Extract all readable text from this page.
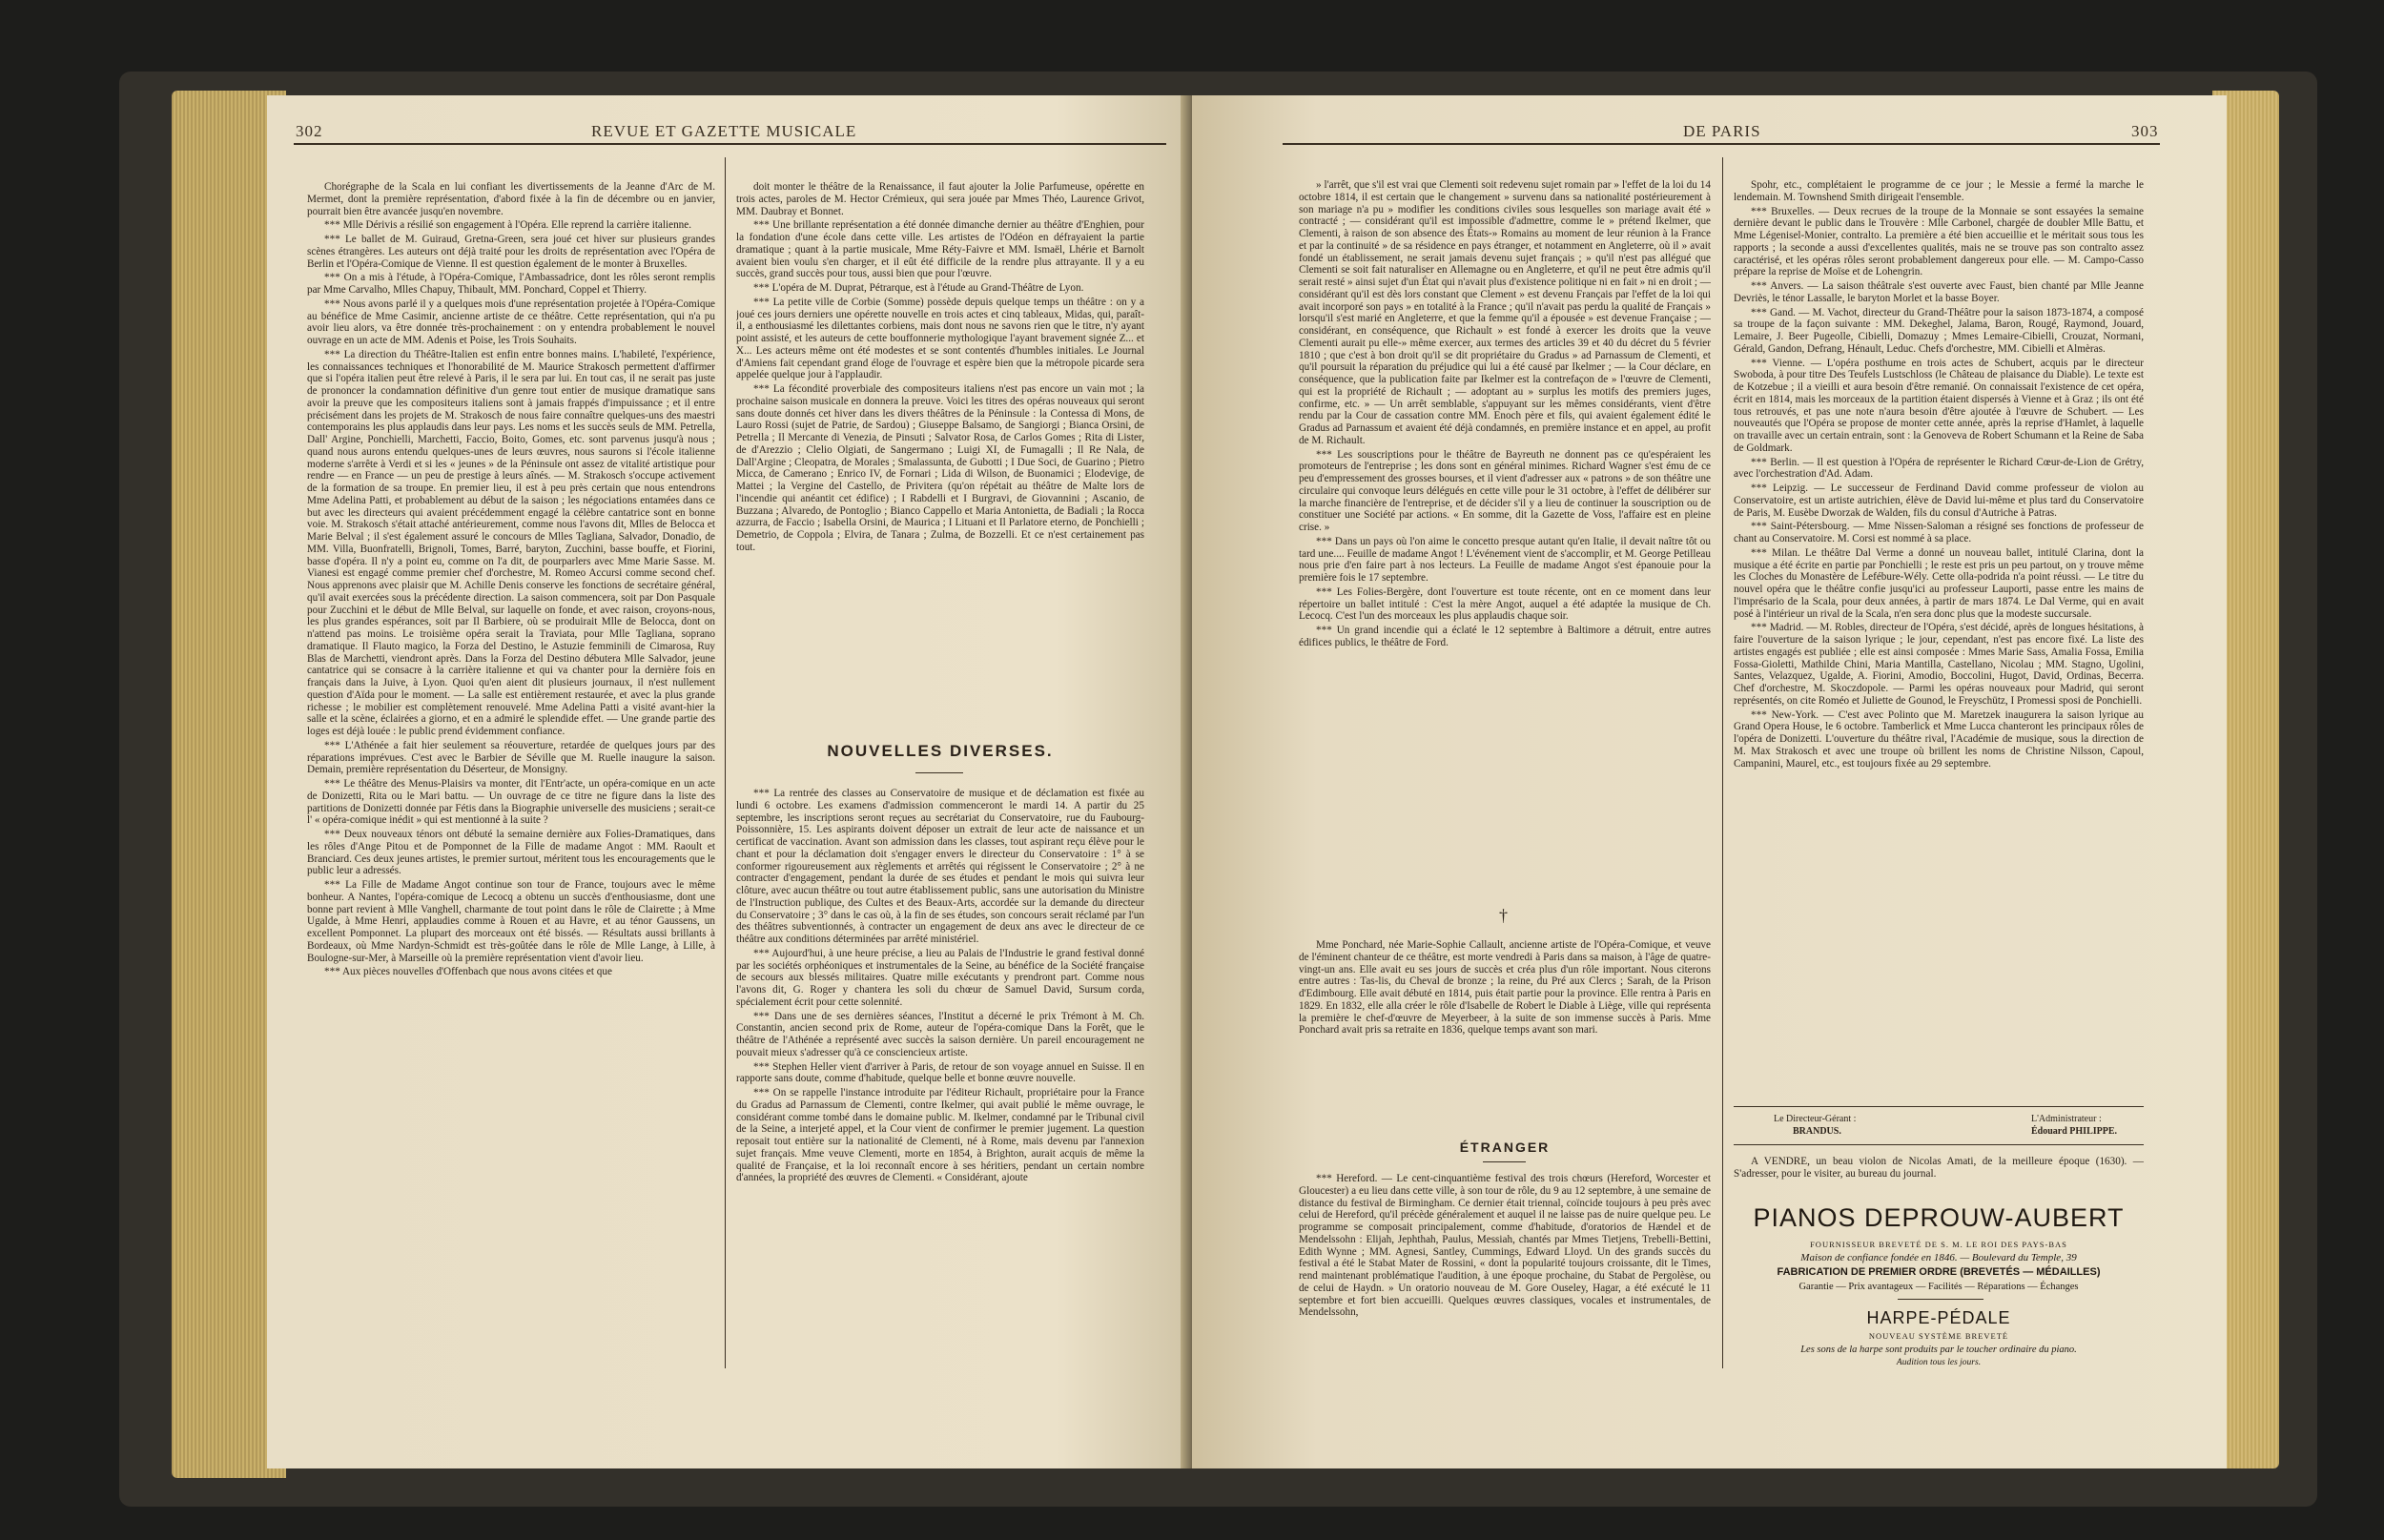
302	REVUE ET GAZETTE MUSICALE

Chorégraphe de la Scala en lui confiant les divertissements de la Jeanne d'Arc de M. Mermet, dont la première représentation, d'abord fixée à la fin de décembre ou en janvier, pourrait bien être avancée jusqu'en novembre.

*** Mlle Dérivis a résilié son engagement à l'Opéra. Elle reprend la carrière italienne.

*** Le ballet de M. Guiraud, Gretna-Green, sera joué cet hiver sur plusieurs grandes scènes étrangères. Les auteurs ont déjà traité pour les droits de représentation avec l'Opéra de Berlin et l'Opéra-Comique de Vienne. Il est question également de le monter à Bruxelles.

*** On a mis à l'étude, à l'Opéra-Comique, l'Ambassadrice, dont les rôles seront remplis par Mme Carvalho, Mlles Chapuy, Thibault, MM. Ponchard, Coppel et Thierry.

*** Nous avons parlé il y a quelques mois d'une représentation projetée à l'Opéra-Comique au bénéfice de Mme Casimir, ancienne artiste de ce théâtre. Cette représentation, qui n'a pu avoir lieu alors, va être donnée très-prochainement : on y entendra probablement le nouvel ouvrage en un acte de MM. Adenis et Poise, les Trois Souhaits.

*** La direction du Théâtre-Italien est enfin entre bonnes mains. L'habileté, l'expérience, les connaissances techniques et l'honorabilité de M. Maurice Strakosch permettent d'affirmer que si l'opéra italien peut être relevé à Paris, il le sera par lui. En tout cas, il ne serait pas juste de prononcer la condamnation définitive d'un genre tout entier de musique dramatique sans avoir la preuve que les compositeurs italiens sont à jamais frappés d'impuissance ; et il entre précisément dans les projets de M. Strakosch de nous faire connaître quelques-uns des maestri contemporains les plus applaudis dans leur pays. Les noms et les succès seuls de MM. Petrella, Dall' Argine, Ponchielli, Marchetti, Faccio, Boito, Gomes, etc. sont parvenus jusqu'à nous ; quand nous aurons entendu quelques-unes de leurs œuvres, nous saurons si l'école italienne moderne s'arrête à Verdi et si les « jeunes » de la Péninsule ont assez de vitalité artistique pour rendre — en France — un peu de prestige à leurs aînés. — M. Strakosch s'occupe activement de la formation de sa troupe. En premier lieu, il est à peu près certain que nous entendrons Mme Adelina Patti, et probablement au début de la saison ; les négociations entamées dans ce but avec les directeurs qui avaient précédemment engagé la célèbre cantatrice sont en bonne voie. M. Strakosch s'était attaché antérieurement, comme nous l'avons dit, Mlles de Belocca et Marie Belval ; il s'est également assuré le concours de Mlles Tagliana, Salvador, Donadio, de MM. Villa, Buonfratelli, Brignoli, Tomes, Barré, baryton, Zucchini, basse bouffe, et Fiorini, basse d'opéra. Il n'y a point eu, comme on l'a dit, de pourparlers avec Mme Marie Sasse. M. Vianesi est engagé comme premier chef d'orchestre, M. Romeo Accursi comme second chef. Nous apprenons avec plaisir que M. Achille Denis conserve les fonctions de secrétaire général, qu'il avait exercées sous la précédente direction. La saison commencera, soit par Don Pasquale pour Zucchini et le début de Mlle Belval, sur laquelle on fonde, et avec raison, croyons-nous, les plus grandes espérances, soit par Il Barbiere, où se produirait Mlle de Belocca, dont on n'attend pas moins. Le troisième opéra serait la Traviata, pour Mlle Tagliana, soprano dramatique. Il Flauto magico, la Forza del Destino, le Astuzie femminili de Cimarosa, Ruy Blas de Marchetti, viendront après. Dans la Forza del Destino débutera Mlle Salvador, jeune cantatrice qui se consacre à la carrière italienne et qui va chanter pour la dernière fois en français dans la Juive, à Lyon. Quoi qu'en aient dit plusieurs journaux, il n'est nullement question d'Aïda pour le moment. — La salle est entièrement restaurée, et avec la plus grande richesse ; le mobilier est complètement renouvelé. Mme Adelina Patti a visité avant-hier la salle et la scène, éclairées a giorno, et en a admiré le splendide effet. — Une grande partie des loges est déjà louée : le public prend évidemment confiance.

*** L'Athénée a fait hier seulement sa réouverture, retardée de quelques jours par des réparations imprévues. C'est avec le Barbier de Séville que M. Ruelle inaugure la saison. Demain, première représentation du Déserteur, de Monsigny.

*** Le théâtre des Menus-Plaisirs va monter, dit l'Entr'acte, un opéra-comique en un acte de Donizetti, Rita ou le Mari battu. — Un ouvrage de ce titre ne figure dans la liste des partitions de Donizetti donnée par Fétis dans la Biographie universelle des musiciens ; serait-ce l' « opéra-comique inédit » qui est mentionné à la suite ?

*** Deux nouveaux ténors ont débuté la semaine dernière aux Folies-Dramatiques, dans les rôles d'Ange Pitou et de Pomponnet de la Fille de madame Angot : MM. Raoult et Branciard. Ces deux jeunes artistes, le premier surtout, méritent tous les encouragements que le public leur a adressés.

*** La Fille de Madame Angot continue son tour de France, toujours avec le même bonheur. A Nantes, l'opéra-comique de Lecocq a obtenu un succès d'enthousiasme, dont une bonne part revient à Mlle Vanghell, charmante de tout point dans le rôle de Clairette ; à Mme Ugalde, à Mme Henri, applaudies comme à Rouen et au Havre, et au ténor Gaussens, un excellent Pomponnet. La plupart des morceaux ont été bissés. — Résultats aussi brillants à Bordeaux, où Mme Nardyn-Schmidt est très-goûtée dans le rôle de Mlle Lange, à Lille, à Boulogne-sur-Mer, à Marseille où la première représentation vient d'avoir lieu.

*** Aux pièces nouvelles d'Offenbach que nous avons citées et que

doit monter le théâtre de la Renaissance, il faut ajouter la Jolie Parfumeuse, opérette en trois actes, paroles de M. Hector Crémieux, qui sera jouée par Mmes Théo, Laurence Grivot, MM. Daubray et Bonnet.

*** Une brillante représentation a été donnée dimanche dernier au théâtre d'Enghien, pour la fondation d'une école dans cette ville. Les artistes de l'Odéon en défrayaient la partie dramatique ; quant à la partie musicale, Mme Réty-Faivre et MM. Ismaël, Lhérie et Barnolt avaient bien voulu s'en charger, et il eût été difficile de la rendre plus attrayante. Il y a eu succès, grand succès pour tous, aussi bien que pour l'œuvre.

*** L'opéra de M. Duprat, Pétrarque, est à l'étude au Grand-Théâtre de Lyon.

*** La petite ville de Corbie (Somme) possède depuis quelque temps un théâtre : on y a joué ces jours derniers une opérette nouvelle en trois actes et cinq tableaux, Midas, qui, paraît-il, a enthousiasmé les dilettantes corbiens, mais dont nous ne savons rien que le titre, n'y ayant point assisté, et les auteurs de cette bouffonnerie mythologique l'ayant bravement signée Z... et X... Les acteurs même ont été modestes et se sont contentés d'humbles initiales. Le Journal d'Amiens fait cependant grand éloge de l'ouvrage et espère bien que la métropole picarde sera appelée quelque jour à l'applaudir.

*** La fécondité proverbiale des compositeurs italiens n'est pas encore un vain mot ; la prochaine saison musicale en donnera la preuve. Voici les titres des opéras nouveaux qui seront sans doute donnés cet hiver dans les divers théâtres de la Péninsule : la Contessa di Mons, de Lauro Rossi (sujet de Patrie, de Sardou) ; Giuseppe Balsamo, de Sangiorgi ; Bianca Orsini, de Petrella ; Il Mercante di Venezia, de Pinsuti ; Salvator Rosa, de Carlos Gomes ; Rita di Lister, de d'Arezzio ; Clelio Olgiati, de Sangermano ; Luigi XI, de Fumagalli ; Il Re Nala, de Dall'Argine ; Cleopatra, de Morales ; Smalassunta, de Gubotti ; I Due Soci, de Guarino ; Pietro Micca, de Camerano ; Enrico IV, de Fornari ; Lida di Wilson, de Buonamici ; Elodevige, de Mattei ; la Vergine del Castello, de Privitera (qu'on répétait au théâtre de Malte lors de l'incendie qui anéantit cet édifice) ; I Rabdelli et I Burgravi, de Giovannini ; Ascanio, de Buzzana ; Alvaredo, de Pontoglio ; Bianco Cappello et Maria Antonietta, de Badiali ; la Rocca azzurra, de Faccio ; Isabella Orsini, de Maurica ; I Lituani et Il Parlatore eterno, de Ponchielli ; Demetrio, de Coppola ; Elvira, de Tanara ; Zulma, de Bozzelli. Et ce n'est certainement pas tout.

NOUVELLES DIVERSES.

*** La rentrée des classes au Conservatoire de musique et de déclamation est fixée au lundi 6 octobre. Les examens d'admission commenceront le mardi 14. A partir du 25 septembre, les inscriptions seront reçues au secrétariat du Conservatoire, rue du Faubourg-Poissonnière, 15. Les aspirants doivent déposer un extrait de leur acte de naissance et un certificat de vaccination. Avant son admission dans les classes, tout aspirant reçu élève pour le chant et pour la déclamation doit s'engager envers le directeur du Conservatoire : 1° à se conformer rigoureusement aux règlements et arrêtés qui régissent le Conservatoire ; 2° à ne contracter d'engagement, pendant la durée de ses études et pendant le mois qui suivra leur clôture, avec aucun théâtre ou tout autre établissement public, sans une autorisation du Ministre de l'Instruction publique, des Cultes et des Beaux-Arts, accordée sur la demande du directeur du Conservatoire ; 3° dans le cas où, à la fin de ses études, son concours serait réclamé par l'un des théâtres subventionnés, à contracter un engagement de deux ans avec le directeur de ce théâtre aux conditions déterminées par arrêté ministériel.

*** Aujourd'hui, à une heure précise, a lieu au Palais de l'Industrie le grand festival donné par les sociétés orphéoniques et instrumentales de la Seine, au bénéfice de la Société française de secours aux blessés militaires. Quatre mille exécutants y prendront part. Comme nous l'avons dit, G. Roger y chantera les soli du chœur de Samuel David, Sursum corda, spécialement écrit pour cette solennité.

*** Dans une de ses dernières séances, l'Institut a décerné le prix Trémont à M. Ch. Constantin, ancien second prix de Rome, auteur de l'opéra-comique Dans la Forêt, que le théâtre de l'Athénée a représenté avec succès la saison dernière. Un pareil encouragement ne pouvait mieux s'adresser qu'à ce consciencieux artiste.

*** Stephen Heller vient d'arriver à Paris, de retour de son voyage annuel en Suisse. Il en rapporte sans doute, comme d'habitude, quelque belle et bonne œuvre nouvelle.

*** On se rappelle l'instance introduite par l'éditeur Richault, propriétaire pour la France du Gradus ad Parnassum de Clementi, contre Ikelmer, qui avait publié le même ouvrage, le considérant comme tombé dans le domaine public. M. Ikelmer, condamné par le Tribunal civil de la Seine, a interjeté appel, et la Cour vient de confirmer le premier jugement. La question reposait tout entière sur la nationalité de Clementi, né à Rome, mais devenu par l'annexion sujet français. Mme veuve Clementi, morte en 1854, à Brighton, aurait acquis de même la qualité de Française, et la loi reconnaît encore à ses héritiers, pendant un certain nombre d'années, la propriété des œuvres de Clementi. « Considérant, ajoute

DE PARIS	303

» l'arrêt, que s'il est vrai que Clementi soit redevenu sujet romain par » l'effet de la loi du 14 octobre 1814, il est certain que le changement » survenu dans sa nationalité postérieurement à son mariage n'a pu » modifier les conditions civiles sous lesquelles son mariage avait été » contracté ; — considérant qu'il est impossible d'admettre, comme le » prétend Ikelmer, que Clementi, à raison de son absence des États-» Romains au moment de leur réunion à la France et par la continuité » de sa résidence en pays étranger, et notamment en Angleterre, où il » avait fondé un établissement, ne serait jamais devenu sujet français ; » qu'il n'est pas allégué que Clementi se soit fait naturaliser en Allemagne ou en Angleterre, et qu'il ne peut être admis qu'il serait resté » ainsi sujet d'un État qui n'avait plus d'existence politique ni en fait » ni en droit ; — considérant qu'il est dès lors constant que Clement » est devenu Français par l'effet de la loi qui avait incorporé son pays » en totalité à la France ; qu'il n'avait pas perdu la qualité de Français » lorsqu'il s'est marié en Angleterre, et que la femme qu'il a épousée » est devenue Française ; — considérant, en conséquence, que Richault » est fondé à exercer les droits que la veuve Clementi aurait pu elle-» même exercer, aux termes des articles 39 et 40 du décret du 5 février 1810 ; que c'est à bon droit qu'il se dit propriétaire du Gradus » ad Parnassum de Clementi, et qu'il poursuit la réparation du préjudice qui lui a été causé par Ikelmer ; — la Cour déclare, en conséquence, que la publication faite par Ikelmer est la contrefaçon de » l'œuvre de Clementi, qui est la propriété de Richault ; — adoptant au » surplus les motifs des premiers juges, confirme, etc. » — Un arrêt semblable, s'appuyant sur les mêmes considérants, vient d'être rendu par la Cour de cassation contre MM. Enoch père et fils, qui avaient également édité le Gradus ad Parnassum et avaient été déjà condamnés, en première instance et en appel, au profit de M. Richault.

*** Les souscriptions pour le théâtre de Bayreuth ne donnent pas ce qu'espéraient les promoteurs de l'entreprise ; les dons sont en général minimes. Richard Wagner s'est ému de ce peu d'empressement des grosses bourses, et il vient d'adresser aux « patrons » de son théâtre une circulaire qui convoque leurs délégués en cette ville pour le 31 octobre, à l'effet de délibérer sur la marche financière de l'entreprise, et de décider s'il y a lieu de continuer la souscription ou de constituer une Société par actions. « En somme, dit la Gazette de Voss, l'affaire est en pleine crise. »

*** Dans un pays où l'on aime le concetto presque autant qu'en Italie, il devait naître tôt ou tard une.... Feuille de madame Angot ! L'événement vient de s'accomplir, et M. George Petilleau nous prie d'en faire part à nos lecteurs. La Feuille de madame Angot s'est épanouie pour la première fois le 17 septembre.

*** Les Folies-Bergère, dont l'ouverture est toute récente, ont en ce moment dans leur répertoire un ballet intitulé : C'est la mère Angot, auquel a été adaptée la musique de Ch. Lecocq. C'est l'un des morceaux les plus applaudis chaque soir.

*** Un grand incendie qui a éclaté le 12 septembre à Baltimore a détruit, entre autres édifices publics, le théâtre de Ford.

†

Mme Ponchard, née Marie-Sophie Callault, ancienne artiste de l'Opéra-Comique, et veuve de l'éminent chanteur de ce théâtre, est morte vendredi à Paris dans sa maison, à l'âge de quatre-vingt-un ans. Elle avait eu ses jours de succès et créa plus d'un rôle important. Nous citerons entre autres : Tas-lis, du Cheval de bronze ; la reine, du Pré aux Clercs ; Sarah, de la Prison d'Edimbourg. Elle avait débuté en 1814, puis était partie pour la province. Elle rentra à Paris en 1829. En 1832, elle alla créer le rôle d'Isabelle de Robert le Diable à Liège, ville qui représenta la première le chef-d'œuvre de Meyerbeer, à la suite de son immense succès à Paris. Mme Ponchard avait pris sa retraite en 1836, quelque temps avant son mari.

ÉTRANGER

*** Hereford. — Le cent-cinquantième festival des trois chœurs (Hereford, Worcester et Gloucester) a eu lieu dans cette ville, à son tour de rôle, du 9 au 12 septembre, à une semaine de distance du festival de Birmingham. Ce dernier était triennal, coïncide toujours à peu près avec celui de Hereford, qu'il précède généralement et auquel il ne laisse pas de nuire quelque peu. Le programme se composait principalement, comme d'habitude, d'oratorios de Hændel et de Mendelssohn : Elijah, Jephthah, Paulus, Messiah, chantés par Mmes Tietjens, Trebelli-Bettini, Edith Wynne ; MM. Agnesi, Santley, Cummings, Edward Lloyd. Un des grands succès du festival a été le Stabat Mater de Rossini, « dont la popularité toujours croissante, dit le Times, rend maintenant problématique l'audition, à une époque prochaine, du Stabat de Pergolèse, ou de celui de Haydn. » Un oratorio nouveau de M. Gore Ouseley, Hagar, a été exécuté le 11 septembre et fort bien accueilli. Quelques œuvres classiques, vocales et instrumentales, de Mendelssohn,

Spohr, etc., complétaient le programme de ce jour ; le Messie a fermé la marche le lendemain. M. Townshend Smith dirigeait l'ensemble.

*** Bruxelles. — Deux recrues de la troupe de la Monnaie se sont essayées la semaine dernière devant le public dans le Trouvère : Mlle Carbonel, chargée de doubler Mlle Battu, et Mme Légenisel-Monier, contralto. La première a été bien accueillie et le méritait sous tous les rapports ; la seconde a aussi d'excellentes qualités, mais ne se trouve pas son contralto assez caractérisé, et les opéras rôles seront probablement dangereux pour elle. — M. Campo-Casso prépare la reprise de Moïse et de Lohengrin.

*** Anvers. — La saison théâtrale s'est ouverte avec Faust, bien chanté par Mlle Jeanne Devriès, le ténor Lassalle, le baryton Morlet et la basse Boyer.

*** Gand. — M. Vachot, directeur du Grand-Théâtre pour la saison 1873-1874, a composé sa troupe de la façon suivante : MM. Dekeghel, Jalama, Baron, Rougé, Raymond, Jouard, Lemaire, J. Beer Pugeolle, Cibielli, Domazuy ; Mmes Lemaire-Cibielli, Crouzat, Normani, Gérald, Gandon, Defrang, Hénault, Leduc. Chefs d'orchestre, MM. Cibielli et Almèras.

*** Vienne. — L'opéra posthume en trois actes de Schubert, acquis par le directeur Swoboda, à pour titre Des Teufels Lustschloss (le Château de plaisance du Diable). Le texte est de Kotzebue ; il a vieilli et aura besoin d'être remanié. On connaissait l'existence de cet opéra, écrit en 1814, mais les morceaux de la partition étaient dispersés à Vienne et à Graz ; ils ont été tous retrouvés, et pas une note n'aura besoin d'être ajoutée à l'œuvre de Schubert. — Les nouveautés que l'Opéra se propose de monter cette année, après la reprise d'Hamlet, à laquelle on travaille avec un certain entrain, sont : la Genoveva de Robert Schumann et la Reine de Saba de Goldmark.

*** Berlin. — Il est question à l'Opéra de représenter le Richard Cœur-de-Lion de Grétry, avec l'orchestration d'Ad. Adam.

*** Leipzig. — Le successeur de Ferdinand David comme professeur de violon au Conservatoire, est un artiste autrichien, élève de David lui-même et plus tard du Conservatoire de Paris, M. Eusèbe Dworzak de Walden, fils du consul d'Autriche à Patras.

*** Saint-Pétersbourg. — Mme Nissen-Saloman a résigné ses fonctions de professeur de chant au Conservatoire. M. Corsi est nommé à sa place.

*** Milan. Le théâtre Dal Verme a donné un nouveau ballet, intitulé Clarina, dont la musique a été écrite en partie par Ponchielli ; le reste est pris un peu partout, on y trouve même les Cloches du Monastère de Lefébure-Wély. Cette olla-podrida n'a point réussi. — Le titre du nouvel opéra que le théâtre confie jusqu'ici au professeur Lauporti, passe entre les mains de l'imprésario de la Scala, pour deux années, à partir de mars 1874. Le Dal Verme, qui en avait posé à l'intérieur un rival de la Scala, n'en sera donc plus que la modeste succursale.

*** Madrid. — M. Robles, directeur de l'Opéra, s'est décidé, après de longues hésitations, à faire l'ouverture de la saison lyrique ; le jour, cependant, n'est pas encore fixé. La liste des artistes engagés est publiée ; elle est ainsi composée : Mmes Marie Sass, Amalia Fossa, Emilia Fossa-Gioletti, Mathilde Chini, Maria Mantilla, Castellano, Nicolau ; MM. Stagno, Ugolini, Santes, Velazquez, Ugalde, A. Fiorini, Amodio, Boccolini, Hugot, David, Ordinas, Becerra. Chef d'orchestre, M. Skoczdopole. — Parmi les opéras nouveaux pour Madrid, qui seront représentés, on cite Roméo et Juliette de Gounod, le Freyschütz, I Promessi sposi de Ponchielli.

*** New-York. — C'est avec Polinto que M. Maretzek inaugurera la saison lyrique au Grand Opera House, le 6 octobre. Tamberlick et Mme Lucca chanteront les principaux rôles de l'opéra de Donizetti. L'ouverture du théâtre rival, l'Académie de musique, sous la direction de M. Max Strakosch et avec une troupe où brillent les noms de Christine Nilsson, Capoul, Campanini, Maurel, etc., est toujours fixée au 29 septembre.

Le Directeur-Gérant :
BRANDUS.
L'Administrateur :
Édouard PHILIPPE.

A VENDRE, un beau violon de Nicolas Amati, de la meilleure époque (1630). — S'adresser, pour le visiter, au bureau du journal.

PIANOS DEPROUW-AUBERT
FOURNISSEUR BREVETÉ DE S. M. LE ROI DES PAYS-BAS
Maison de confiance fondée en 1846. — Boulevard du Temple, 39
FABRICATION DE PREMIER ORDRE (BREVETÉS — MÉDAILLES)
Garantie — Prix avantageux — Facilités — Réparations — Échanges
HARPE-PÉDALE
NOUVEAU SYSTÈME BREVETÉ
Les sons de la harpe sont produits par le toucher ordinaire du piano.
Audition tous les jours.
